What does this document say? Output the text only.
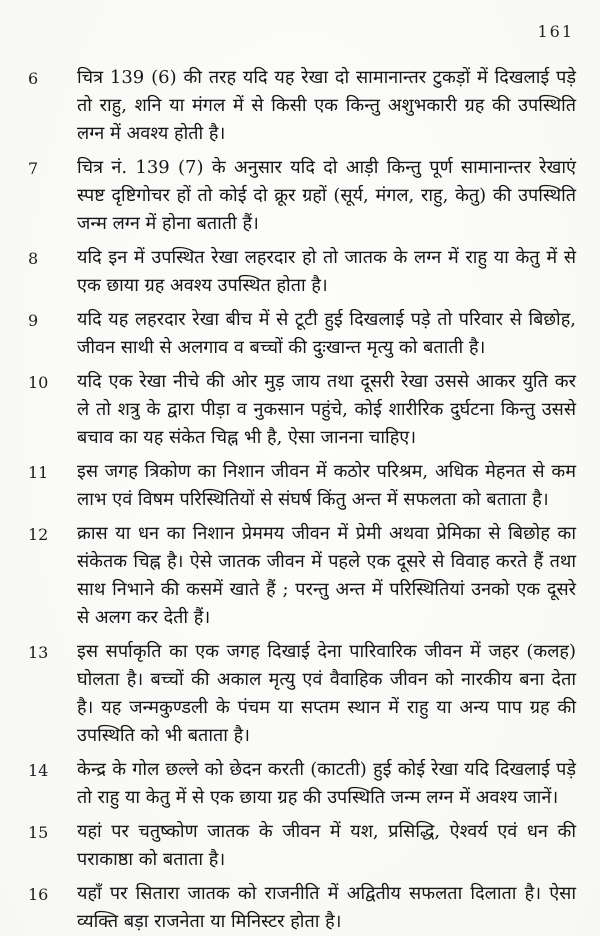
161
6	चित्र 139 (6) की तरह यदि यह रेखा दो सामानान्तर टुकड़ों में दिखलाई पड़े तो राहु, शनि या मंगल में से किसी एक किन्तु अशुभकारी ग्रह की उपस्थिति लग्न में अवश्य होती है।
7	चित्र नं. 139 (7) के अनुसार यदि दो आड़ी किन्तु पूर्ण सामानान्तर रेखाएं स्पष्ट दृष्टिगोचर हों तो कोई दो क्रूर ग्रहों (सूर्य, मंगल, राहु, केतु) की उपस्थिति जन्म लग्न में होना बताती हैं।
8	यदि इन में उपस्थित रेखा लहरदार हो तो जातक के लग्न में राहु या केतु में से एक छाया ग्रह अवश्य उपस्थित होता है।
9	यदि यह लहरदार रेखा बीच में से टूटी हुई दिखलाई पड़े तो परिवार से बिछोह, जीवन साथी से अलगाव व बच्चों की दुःखान्त मृत्यु को बताती है।
10	यदि एक रेखा नीचे की ओर मुड़ जाय तथा दूसरी रेखा उससे आकर युति कर ले तो शत्रु के द्वारा पीड़ा व नुकसान पहुंचे, कोई शारीरिक दुर्घटना किन्तु उससे बचाव का यह संकेत चिह्न भी है, ऐसा जानना चाहिए।
11	इस जगह त्रिकोण का निशान जीवन में कठोर परिश्रम, अधिक मेहनत से कम लाभ एवं विषम परिस्थितियों से संघर्ष किंतु अन्त में सफलता को बताता है।
12	क्रास या धन का निशान प्रेममय जीवन में प्रेमी अथवा प्रेमिका से बिछोह का संकेतक चिह्न है। ऐसे जातक जीवन में पहले एक दूसरे से विवाह करते हैं तथा साथ निभाने की कसमें खाते हैं ; परन्तु अन्त में परिस्थितियां उनको एक दूसरे से अलग कर देती हैं।
13	इस सर्पाकृति का एक जगह दिखाई देना पारिवारिक जीवन में जहर (कलह) घोलता है। बच्चों की अकाल मृत्यु एवं वैवाहिक जीवन को नारकीय बना देता है। यह जन्मकुण्डली के पंचम या सप्तम स्थान में राहु या अन्य पाप ग्रह की उपस्थिति को भी बताता है।
14	केन्द्र के गोल छल्ले को छेदन करती (काटती) हुई कोई रेखा यदि दिखलाई पड़े तो राहु या केतु में से एक छाया ग्रह की उपस्थिति जन्म लग्न में अवश्य जानें।
15	यहां पर चतुष्कोण जातक के जीवन में यश, प्रसिद्धि, ऐश्वर्य एवं धन की पराकाष्ठा को बताता है।
16	यहाँ पर सितारा जातक को राजनीति में अद्वितीय सफलता दिलाता है। ऐसा व्यक्ति बड़ा राजनेता या मिनिस्टर होता है।
